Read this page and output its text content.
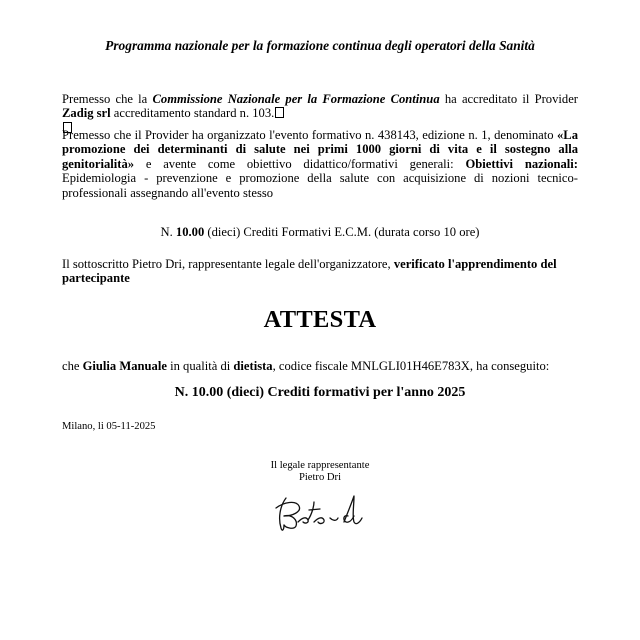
Programma nazionale per la formazione continua degli operatori della Sanità
Premesso che la Commissione Nazionale per la Formazione Continua ha accreditato il Provider Zadig srl accreditamento standard n. 103.

Premesso che il Provider ha organizzato l'evento formativo n. 438143, edizione n. 1, denominato «La promozione dei determinanti di salute nei primi 1000 giorni di vita e il sostegno alla genitorialità» e avente come obiettivo didattico/formativi generali: Obiettivi nazionali: Epidemiologia - prevenzione e promozione della salute con acquisizione di nozioni tecnico-professionali assegnando all'evento stesso
N. 10.00 (dieci) Crediti Formativi E.C.M. (durata corso 10 ore)
Il sottoscritto Pietro Dri, rappresentante legale dell'organizzatore, verificato l'apprendimento del partecipante
ATTESTA
che Giulia Manuale in qualità di dietista, codice fiscale MNLGLI01H46E783X, ha conseguito:
N. 10.00 (dieci) Crediti formativi per l'anno 2025
Milano, li 05-11-2025
Il legale rappresentante
Pietro Dri
